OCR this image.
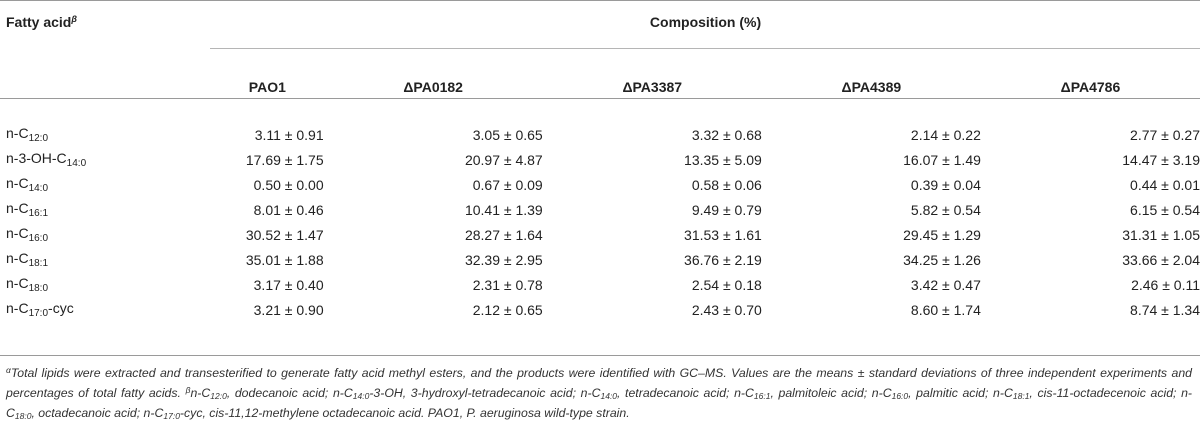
Fatty acid$^\beta$	Composition (%)				
	PAO1	ΔPA0182	ΔPA3387	ΔPA4389	ΔPA4786
$n-C_{12:0}$	3.11 ± 0.91	3.05 ± 0.65	3.32 ± 0.68	2.14 ± 0.22	2.77 ± 0.27
$n-3-OH-C_{14:0}$	17.69 ± 1.75	20.97 ± 4.87	13.35 ± 5.09	16.07 ± 1.49	14.47 ± 3.19
$n-C_{14:0}$	0.50 ± 0.00	0.67 ± 0.09	0.58 ± 0.06	0.39 ± 0.04	0.44 ± 0.01
$n-C_{16:1}$	8.01 ± 0.46	10.41 ± 1.39	9.49 ± 0.79	5.82 ± 0.54	6.15 ± 0.54
$n-C_{16:0}$	30.52 ± 1.47	28.27 ± 1.64	31.53 ± 1.61	29.45 ± 1.29	31.31 ± 1.05
$n-C_{18:1}$	35.01 ± 1.88	32.39 ± 2.95	36.76 ± 2.19	34.25 ± 1.26	33.66 ± 2.04
$n-C_{18:0}$	3.17 ± 0.40	2.31 ± 0.78	2.54 ± 0.18	3.42 ± 0.47	2.46 ± 0.11
$n-C_{17:0}$-cyc	3.21 ± 0.90	2.12 ± 0.65	2.43 ± 0.70	8.60 ± 1.74	8.74 ± 1.34
$^\alpha$Total lipids were extracted and transesterified to generate fatty acid methyl esters, and the products were identified with GC–MS. Values are the means ± standard deviations of three independent experiments and percentages of total fatty acids. $^\beta n-C_{12:0}$, dodecanoic acid; $n-C_{14:0}-3-OH$, 3-hydroxyl-tetradecanoic acid; $n-C_{14:0}$, tetradecanoic acid; $n-C_{16:1}$, palmitoleic acid; $n-C_{16:0}$, palmitic acid; $n-C_{18:1}$, cis-11-octadecenoic acid; $n-C_{18:0}$, octadecanoic acid; $n-C_{17:0}$-cyc, cis-11,12-methylene octadecanoic acid. PAO1, P. aeruginosa wild-type strain.
